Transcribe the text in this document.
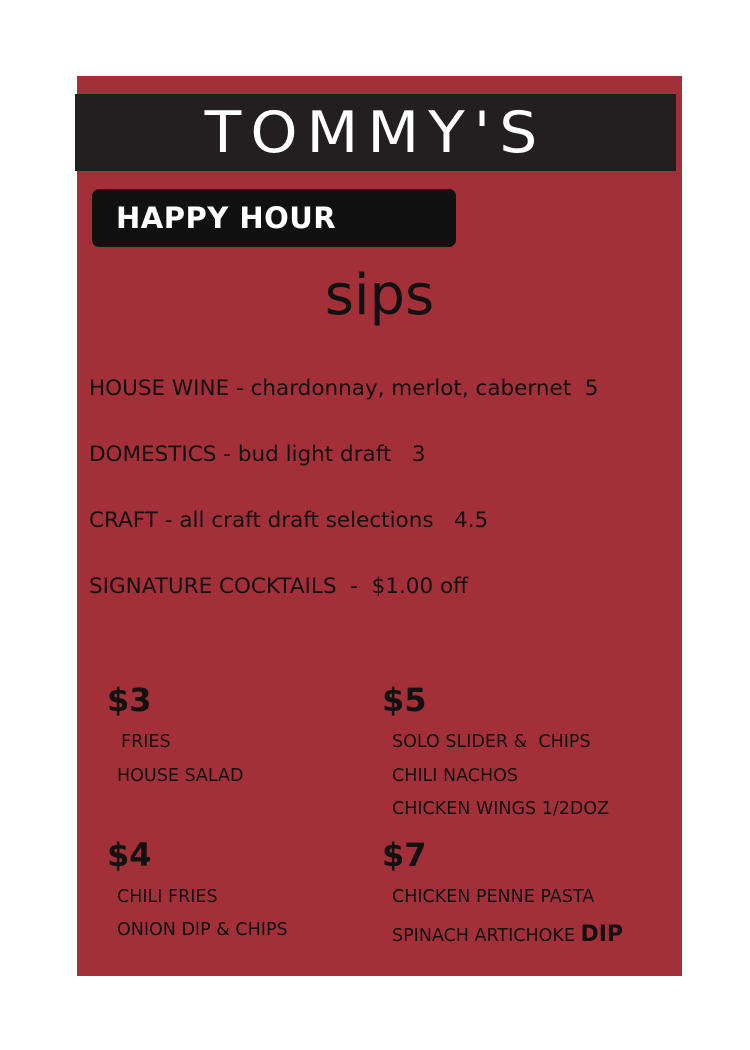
TOMMY'S
HAPPY HOUR
sips
HOUSE WINE - chardonnay, merlot, cabernet  5
DOMESTICS - bud light draft   3
CRAFT - all craft draft selections   4.5
SIGNATURE COCKTAILS  -  $1.00 off
$3
FRIES
HOUSE SALAD
$5
SOLO SLIDER &  CHIPS
CHILI NACHOS
CHICKEN WINGS 1/2DOZ
$4
CHILI FRIES
ONION DIP & CHIPS
$7
CHICKEN PENNE PASTA
SPINACH ARTICHOKE DIP
